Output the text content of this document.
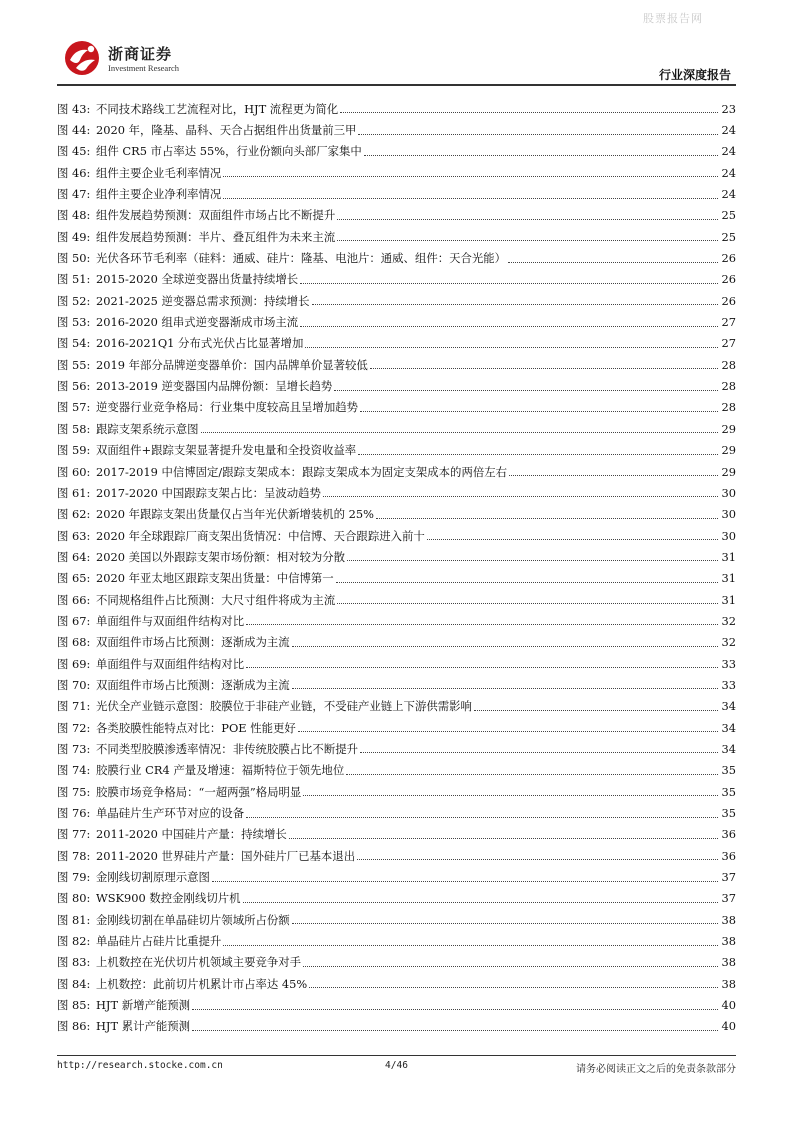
股票报告网
浙商证券
Investment Research	行业深度报告
图 43: 不同技术路线工艺流程对比，HJT 流程更为简化	23
图 44: 2020 年，隆基、晶科、天合占据组件出货量前三甲	24
图 45: 组件 CR5 市占率达 55%，行业份额向头部厂家集中	24
图 46: 组件主要企业毛利率情况	24
图 47: 组件主要企业净利率情况	24
图 48: 组件发展趋势预测：双面组件市场占比不断提升	25
图 49: 组件发展趋势预测：半片、叠瓦组件为未来主流	25
图 50: 光伏各环节毛利率（硅料：通威、硅片：隆基、电池片：通威、组件：天合光能）	26
图 51: 2015-2020 全球逆变器出货量持续增长	26
图 52: 2021-2025 逆变器总需求预测：持续增长	26
图 53: 2016-2020 组串式逆变器渐成市场主流	27
图 54: 2016-2021Q1 分布式光伏占比显著增加	27
图 55: 2019 年部分品牌逆变器单价：国内品牌单价显著较低	28
图 56: 2013-2019 逆变器国内品牌份额：呈增长趋势	28
图 57: 逆变器行业竞争格局：行业集中度较高且呈增加趋势	28
图 58: 跟踪支架系统示意图	29
图 59: 双面组件+跟踪支架显著提升发电量和全投资收益率	29
图 60: 2017-2019 中信博固定/跟踪支架成本：跟踪支架成本为固定支架成本的两倍左右	29
图 61: 2017-2020 中国跟踪支架占比：呈波动趋势	30
图 62: 2020 年跟踪支架出货量仅占当年光伏新增装机的 25%	30
图 63: 2020 年全球跟踪厂商支架出货情况：中信博、天合跟踪进入前十	30
图 64: 2020 美国以外跟踪支架市场份额：相对较为分散	31
图 65: 2020 年亚太地区跟踪支架出货量：中信博第一	31
图 66: 不同规格组件占比预测：大尺寸组件将成为主流	31
图 67: 单面组件与双面组件结构对比	32
图 68: 双面组件市场占比预测：逐渐成为主流	32
图 69: 单面组件与双面组件结构对比	33
图 70: 双面组件市场占比预测：逐渐成为主流	33
图 71: 光伏全产业链示意图：胶膜位于非硅产业链，不受硅产业链上下游供需影响	34
图 72: 各类胶膜性能特点对比：POE 性能更好	34
图 73: 不同类型胶膜渗透率情况：非传统胶膜占比不断提升	34
图 74: 胶膜行业 CR4 产量及增速：福斯特位于领先地位	35
图 75: 胶膜市场竞争格局：“一超两强”格局明显	35
图 76: 单晶硅片生产环节对应的设备	35
图 77: 2011-2020 中国硅片产量：持续增长	36
图 78: 2011-2020 世界硅片产量：国外硅片厂已基本退出	36
图 79: 金刚线切割原理示意图	37
图 80: WSK900 数控金刚线切片机	37
图 81: 金刚线切割在单晶硅切片领域所占份额	38
图 82: 单晶硅片占硅片比重提升	38
图 83: 上机数控在光伏切片机领域主要竞争对手	38
图 84: 上机数控：此前切片机累计市占率达 45%	38
图 85: HJT 新增产能预测	40
图 86: HJT 累计产能预测	40
http://research.stocke.com.cn	4/46	请务必阅读正文之后的免责条款部分
